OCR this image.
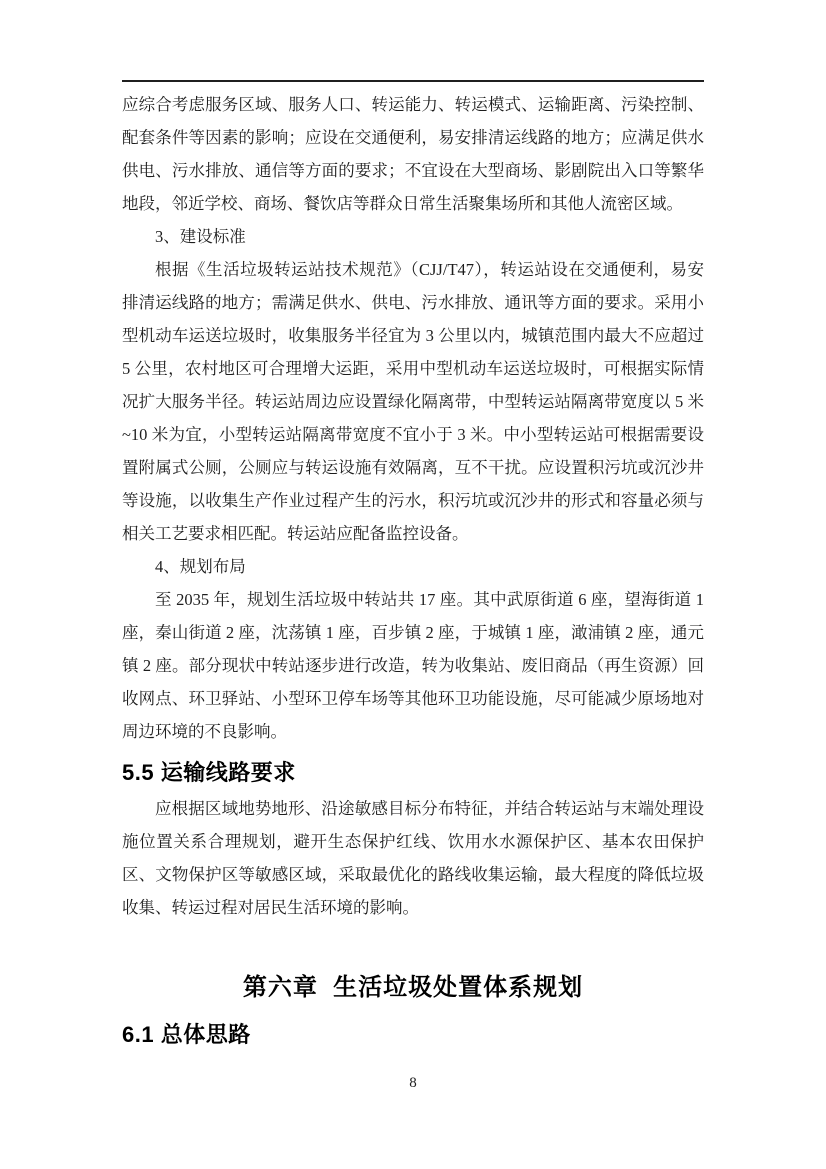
应综合考虑服务区域、服务人口、转运能力、转运模式、运输距离、污染控制、配套条件等因素的影响；应设在交通便利，易安排清运线路的地方；应满足供水供电、污水排放、通信等方面的要求；不宜设在大型商场、影剧院出入口等繁华地段，邻近学校、商场、餐饮店等群众日常生活聚集场所和其他人流密区域。

3、建设标准

根据《生活垃圾转运站技术规范》（CJJ/T47），转运站设在交通便利，易安排清运线路的地方；需满足供水、供电、污水排放、通讯等方面的要求。采用小型机动车运送垃圾时，收集服务半径宜为 3 公里以内，城镇范围内最大不应超过 5 公里，农村地区可合理增大运距，采用中型机动车运送垃圾时，可根据实际情况扩大服务半径。转运站周边应设置绿化隔离带，中型转运站隔离带宽度以 5 米~10 米为宜，小型转运站隔离带宽度不宜小于 3 米。中小型转运站可根据需要设置附属式公厕，公厕应与转运设施有效隔离，互不干扰。应设置积污坑或沉沙井等设施，以收集生产作业过程产生的污水，积污坑或沉沙井的形式和容量必须与相关工艺要求相匹配。转运站应配备监控设备。

4、规划布局

至 2035 年，规划生活垃圾中转站共 17 座。其中武原街道 6 座，望海街道 1 座，秦山街道 2 座，沈荡镇 1 座，百步镇 2 座，于城镇 1 座，澉浦镇 2 座，通元镇 2 座。部分现状中转站逐步进行改造，转为收集站、废旧商品（再生资源）回收网点、环卫驿站、小型环卫停车场等其他环卫功能设施，尽可能减少原场地对周边环境的不良影响。

5.5 运输线路要求

应根据区域地势地形、沿途敏感目标分布特征，并结合转运站与末端处理设施位置关系合理规划，避开生态保护红线、饮用水水源保护区、基本农田保护区、文物保护区等敏感区域，采取最优化的路线收集运输，最大程度的降低垃圾收集、转运过程对居民生活环境的影响。

第六章  生活垃圾处置体系规划
6.1 总体思路
8
